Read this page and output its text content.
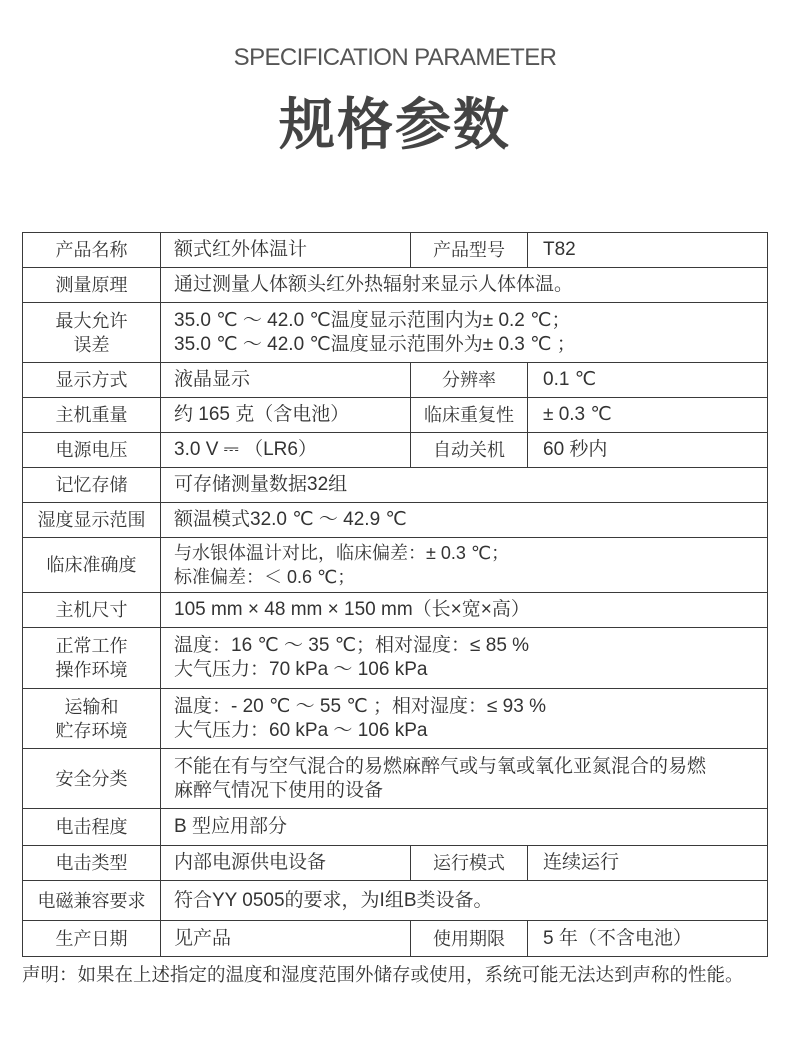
SPECIFICATION PARAMETER
规格参数
产品名称	额式红外体温计	产品型号	T82
测量原理	通过测量人体额头红外热辐射来显示人体体温。		

最大允许
误差	35.0 ℃ ～ 42.0 ℃温度显示范围内为± 0.2 ℃；
35.0 ℃ ～ 42.0 ℃温度显示范围外为± 0.3 ℃ ；		

显示方式	液晶显示	分辨率	0.1 ℃
主机重量	约 165 克（含电池）	临床重复性	± 0.3 ℃
电源电压	3.0 V ⎓ （LR6）	自动关机	60 秒内
记忆存储	可存储测量数据32组		
湿度显示范围	额温模式32.0 ℃ ～ 42.9 ℃		
临床准确度	与水银体温计对比，临床偏差：± 0.3 ℃；
标准偏差：＜ 0.6 ℃；		

主机尺寸	105 mm × 48 mm × 150 mm（长×宽×高）		

正常工作
操作环境	温度：16 ℃ ～ 35 ℃；相对湿度：≤ 85 %
大气压力：70 kPa ～ 106 kPa		

运输和
贮存环境	温度：- 20 ℃ ～ 55 ℃ ；相对湿度：≤ 93 %
大气压力：60 kPa ～ 106 kPa		

安全分类	不能在有与空气混合的易燃麻醉气或与氧或氧化亚氮混合的易燃
麻醉气情况下使用的设备		

电击程度	B 型应用部分		
电击类型	内部电源供电设备	运行模式	连续运行
电磁兼容要求	符合YY 0505的要求，为I组B类设备。		
生产日期	见产品	使用期限	5 年（不含电池）
声明：如果在上述指定的温度和湿度范围外储存或使用，系统可能无法达到声称的性能。
